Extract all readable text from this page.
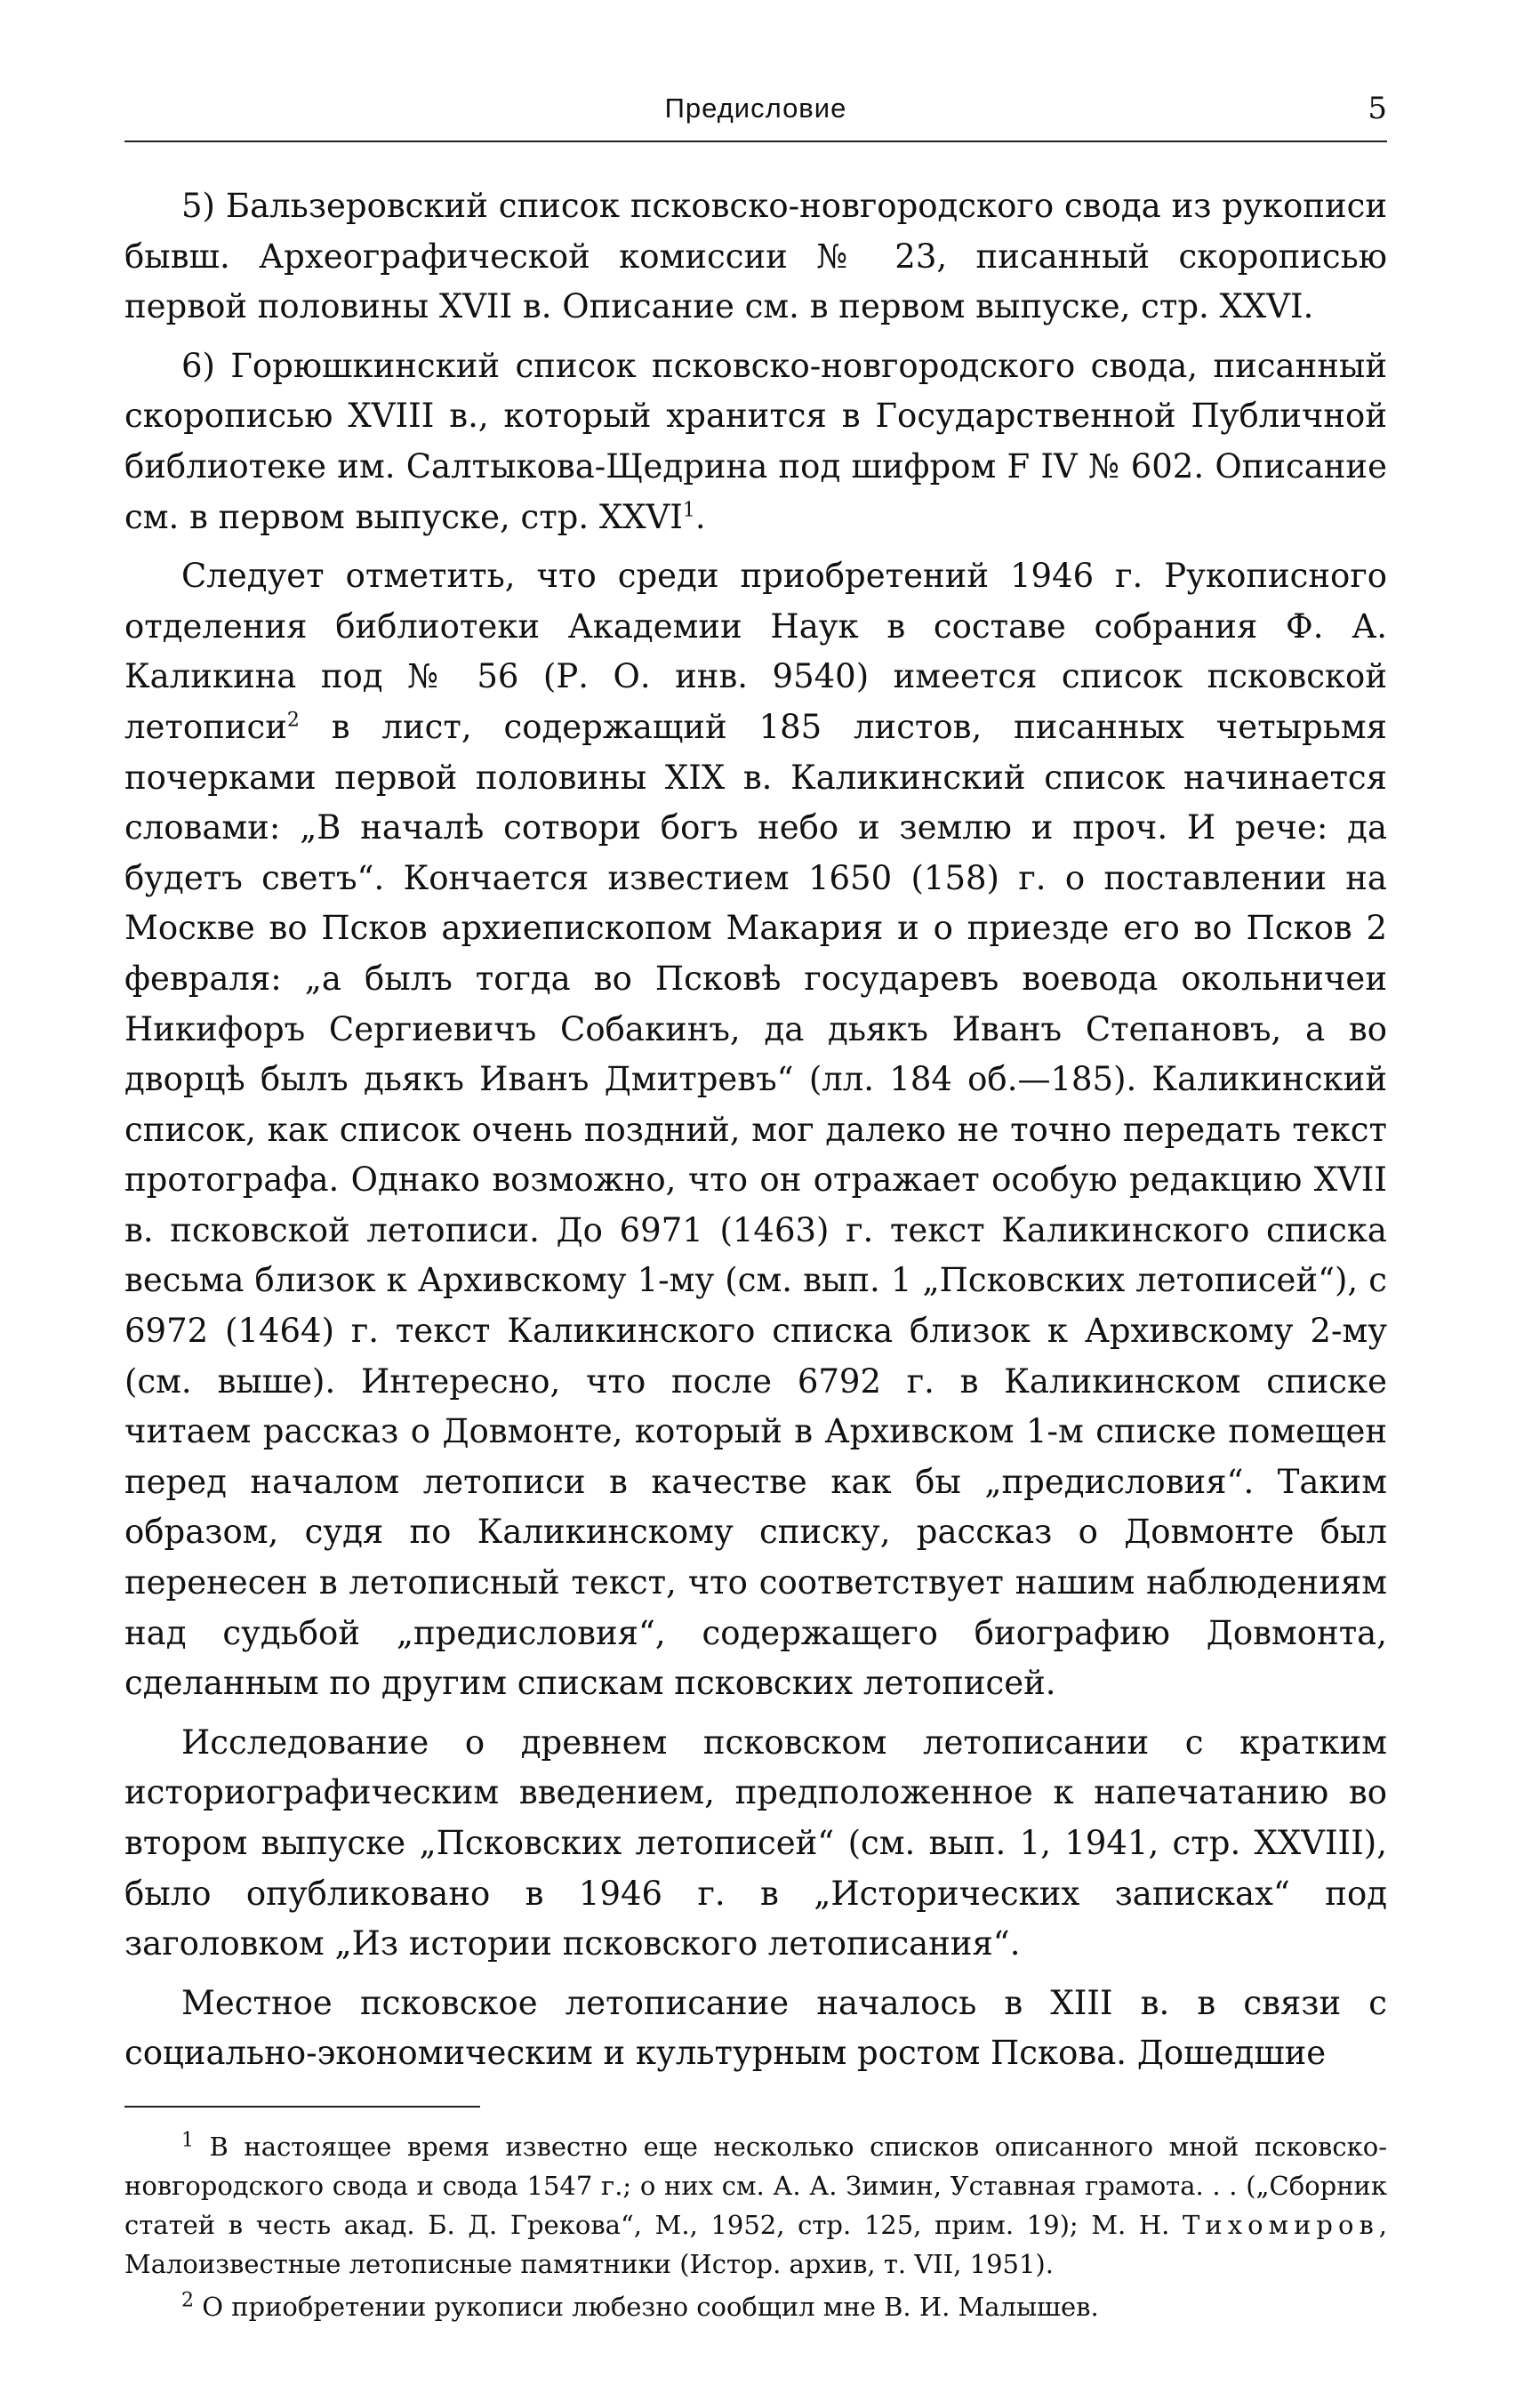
Предисловие	5

5) Бальзеровский список псковско-новгородского свода из рукописи бывш. Археографической комиссии № 23, писанный скорописью первой половины XVII в. Описание см. в первом выпуске, стр. XXVI.

6) Горюшкинский список псковско-новгородского свода, писанный скорописью XVIII в., который хранится в Государственной Публичной библиотеке им. Салтыкова-Щедрина под шифром F IV № 602. Описание см. в первом выпуске, стр. XXVI$^1$.

Следует отметить, что среди приобретений 1946 г. Рукописного отделения библиотеки Академии Наук в составе собрания Ф. А. Каликина под № 56 (Р. О. инв. 9540) имеется список псковской летописи$^2$ в лист, содержащий 185 листов, писанных четырьмя почерками первой половины XIX в. Каликинский список начинается словами: „В началѣ сотвори богъ небо и землю и проч. И рече: да будетъ светъ“. Кончается известием 1650 (158) г. о поставлении на Москве во Псков архиепископом Макария и о приезде его во Псков 2 февраля: „а былъ тогда во Псковѣ государевъ воевода окольничеи Никифоръ Сергиевичъ Собакинъ, да дьякъ Иванъ Степановъ, а во дворцѣ былъ дьякъ Иванъ Дмитревъ“ (лл. 184 об.—185). Каликинский список, как список очень поздний, мог далеко не точно передать текст протографа. Однако возможно, что он отражает особую редакцию XVII в. псковской летописи. До 6971 (1463) г. текст Каликинского списка весьма близок к Архивскому 1-му (см. вып. 1 „Псковских летописей“), с 6972 (1464) г. текст Каликинского списка близок к Архивскому 2-му (см. выше). Интересно, что после 6792 г. в Каликинском списке читаем рассказ о Довмонте, который в Архивском 1-м списке помещен перед началом летописи в качестве как бы „предисловия“. Таким образом, судя по Каликинскому списку, рассказ о Довмонте был перенесен в летописный текст, что соответствует нашим наблюдениям над судьбой „предисловия“, содержащего биографию Довмонта, сделанным по другим спискам псковских летописей.

Исследование о древнем псковском летописании с кратким историографическим введением, предположенное к напечатанию во втором выпуске „Псковских летописей“ (см. вып. 1, 1941, стр. XXVIII), было опубликовано в 1946 г. в „Исторических записках“ под заголовком „Из истории псковского летописания“.

Местное псковское летописание началось в XIII в. в связи с социально-экономическим и культурным ростом Пскова. Дошедшие

$^1$ В настоящее время известно еще несколько списков описанного мной псковско-новгородского свода и свода 1547 г.; о них см. А. А. Зимин, Уставная грамота. . . („Сборник статей в честь акад. Б. Д. Грекова“, М., 1952, стр. 125, прим. 19); М. Н. Тихомиров, Малоизвестные летописные памятники (Истор. архив, т. VII, 1951).

$^2$ О приобретении рукописи любезно сообщил мне В. И. Малышев.
